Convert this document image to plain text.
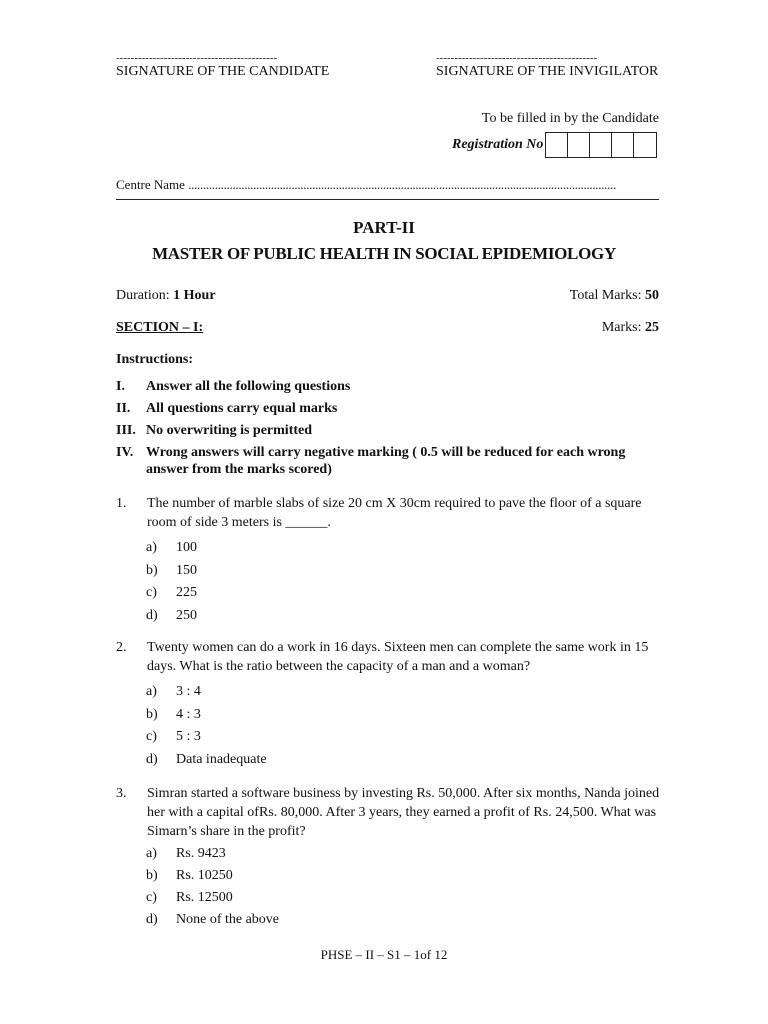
--------------------------------------------
SIGNATURE OF THE CANDIDATE
--------------------------------------------
SIGNATURE OF THE INVIGILATOR
To be filled in by the Candidate
Registration No
Centre Name .................................................................................................................................................
PART-II
MASTER OF PUBLIC HEALTH IN SOCIAL EPIDEMIOLOGY
Duration: 1 Hour	Total Marks: 50
SECTION – I:	Marks: 25
Instructions:
I.	Answer all the following questions
II.	All questions carry equal marks
III. No overwriting is permitted
IV. Wrong answers will carry negative marking ( 0.5 will be reduced for each wrong answer from the marks scored)
1.	The number of marble slabs of size 20 cm X 30cm required to pave the floor of a square room of side 3 meters is ______.
a)	100
b)	150
c)	225
d)	250
2.	Twenty women can do a work in 16 days. Sixteen men can complete the same work in 15 days. What is the ratio between the capacity of a man and a woman?
a)	3 : 4
b)	4 : 3
c)	5 : 3
d)	Data inadequate
3.	Simran started a software business by investing Rs. 50,000. After six months, Nanda joined her with a capital ofRs. 80,000. After 3 years, they earned a profit of Rs. 24,500. What was Simarn’s share in the profit?
a)	Rs. 9423
b)	Rs. 10250
c)	Rs. 12500
d)	None of the above
PHSE – II – S1 – 1of 12
